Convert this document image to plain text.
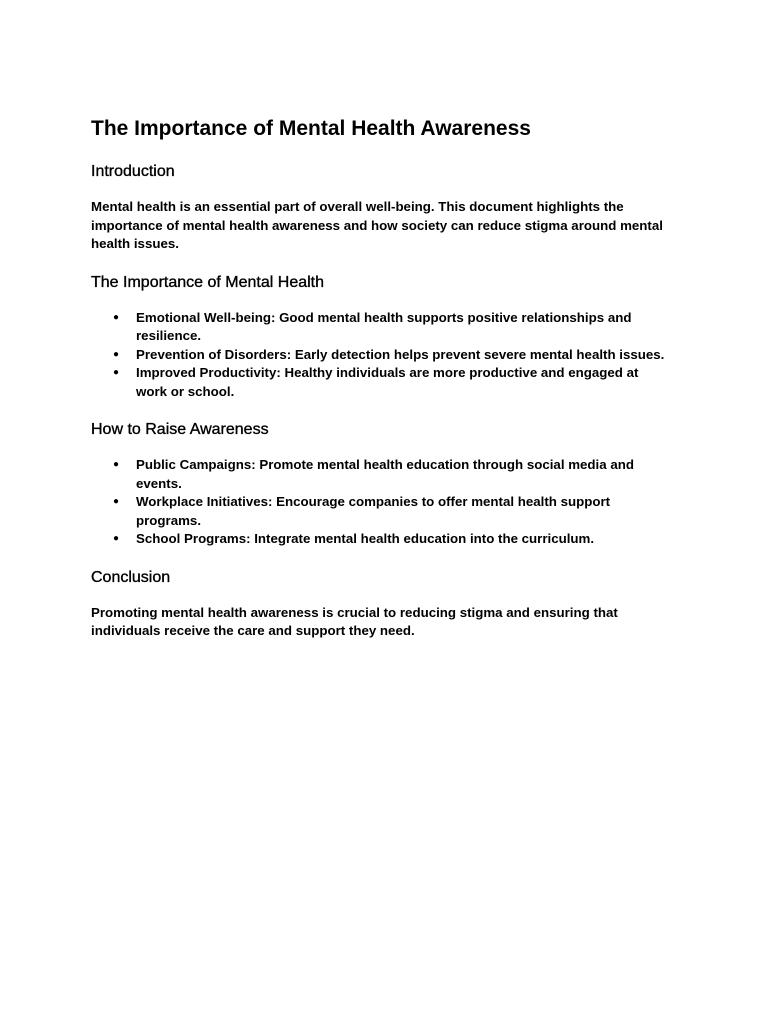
The Importance of Mental Health Awareness
Introduction

Mental health is an essential part of overall well-being. This document highlights the importance of mental health awareness and how society can reduce stigma around mental health issues.

The Importance of Mental Health
● Emotional Well-being: Good mental health supports positive relationships and resilience.
● Prevention of Disorders: Early detection helps prevent severe mental health issues.
● Improved Productivity: Healthy individuals are more productive and engaged at work or school.
How to Raise Awareness
● Public Campaigns: Promote mental health education through social media and events.
● Workplace Initiatives: Encourage companies to offer mental health support programs.
● School Programs: Integrate mental health education into the curriculum.
Conclusion

Promoting mental health awareness is crucial to reducing stigma and ensuring that individuals receive the care and support they need.
